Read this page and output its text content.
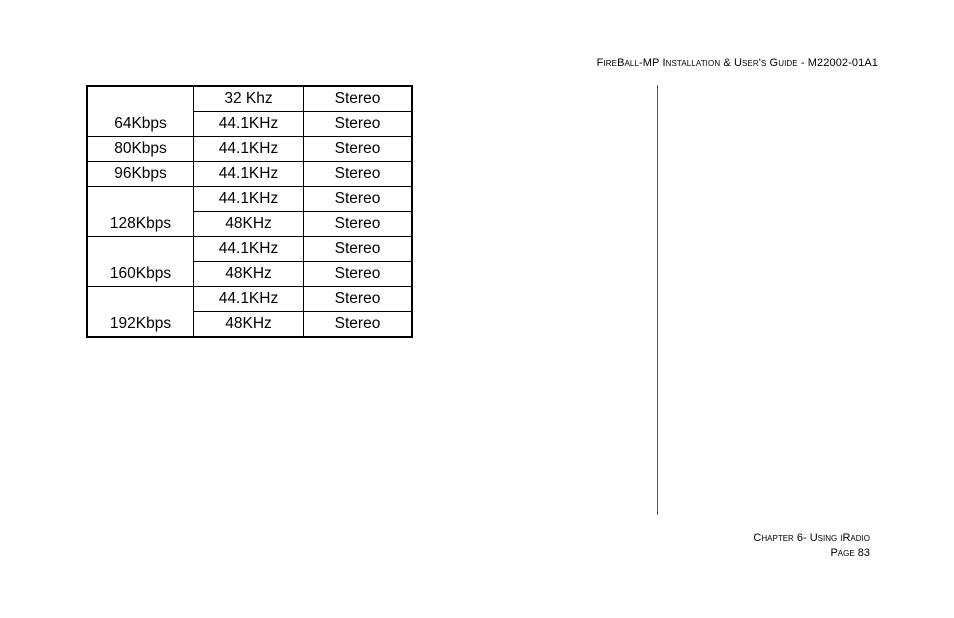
FireBall-MP Installation & User's Guide - M22002-01A1
64Kbps	32 Khz	Stereo
	44.1KHz	Stereo
80Kbps	44.1KHz	Stereo
96Kbps	44.1KHz	Stereo
128Kbps	44.1KHz	Stereo
	48KHz	Stereo
160Kbps	44.1KHz	Stereo
	48KHz	Stereo
192Kbps	44.1KHz	Stereo
	48KHz	Stereo
Chapter 6- Using iRadio
Page 83
